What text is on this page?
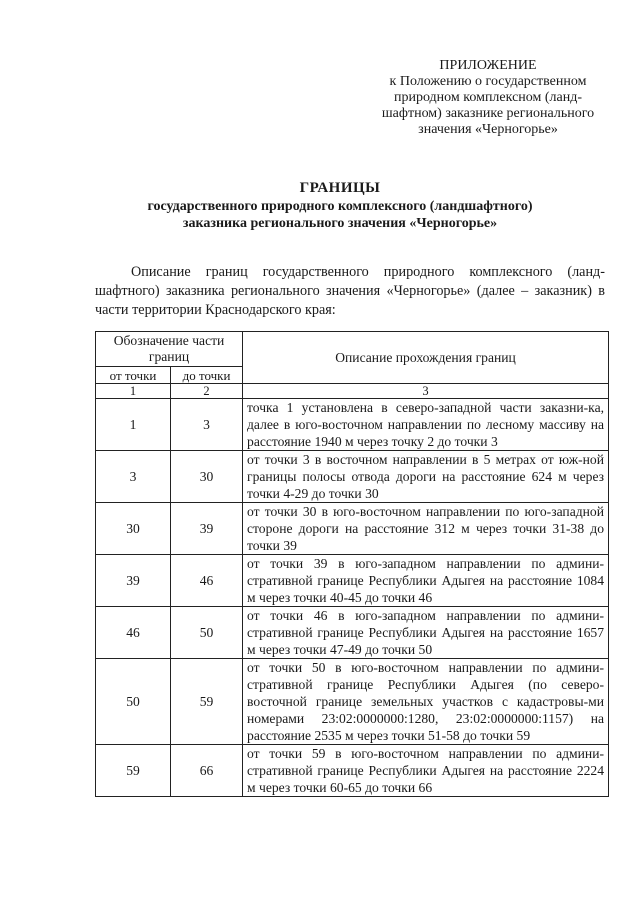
ПРИЛОЖЕНИЕ
к Положению о государственном
природном комплексном (ланд-
шафтном) заказнике регионального
значения «Черногорье»
ГРАНИЦЫ
государственного природного комплексного (ландшафтного)
заказника регионального значения «Черногорье»
Описание границ государственного природного комплексного (ланд-шафтного) заказника регионального значения «Черногорье» (далее – заказник) в части территории Краснодарского края:
Обозначение части границ		Описание прохождения границ
от точки	до точки	
1	2	3
1	3	точка 1 установлена в северо-западной части заказни-ка, далее в юго-восточном направлении по лесному массиву на расстояние 1940 м через точку 2 до точки 3
3	30	от точки 3 в восточном направлении в 5 метрах от юж-ной границы полосы отвода дороги на расстояние 624 м через точки 4-29 до точки 30
30	39	от точки 30 в юго-восточном направлении по юго-западной стороне дороги на расстояние 312 м через точки 31-38 до точки 39
39	46	от точки 39 в юго-западном направлении по админи-стративной границе Республики Адыгея на расстояние 1084 м через точки 40-45 до точки 46
46	50	от точки 46 в юго-западном направлении по админи-стративной границе Республики Адыгея на расстояние 1657 м через точки 47-49 до точки 50
50	59	от точки 50 в юго-восточном направлении по админи-стративной границе Республики Адыгея (по северо-восточной границе земельных участков с кадастровы-ми номерами 23:02:0000000:1280, 23:02:0000000:1157) на расстояние 2535 м через точки 51-58 до точки 59
59	66	от точки 59 в юго-восточном направлении по админи-стративной границе Республики Адыгея на расстояние 2224 м через точки 60-65 до точки 66
